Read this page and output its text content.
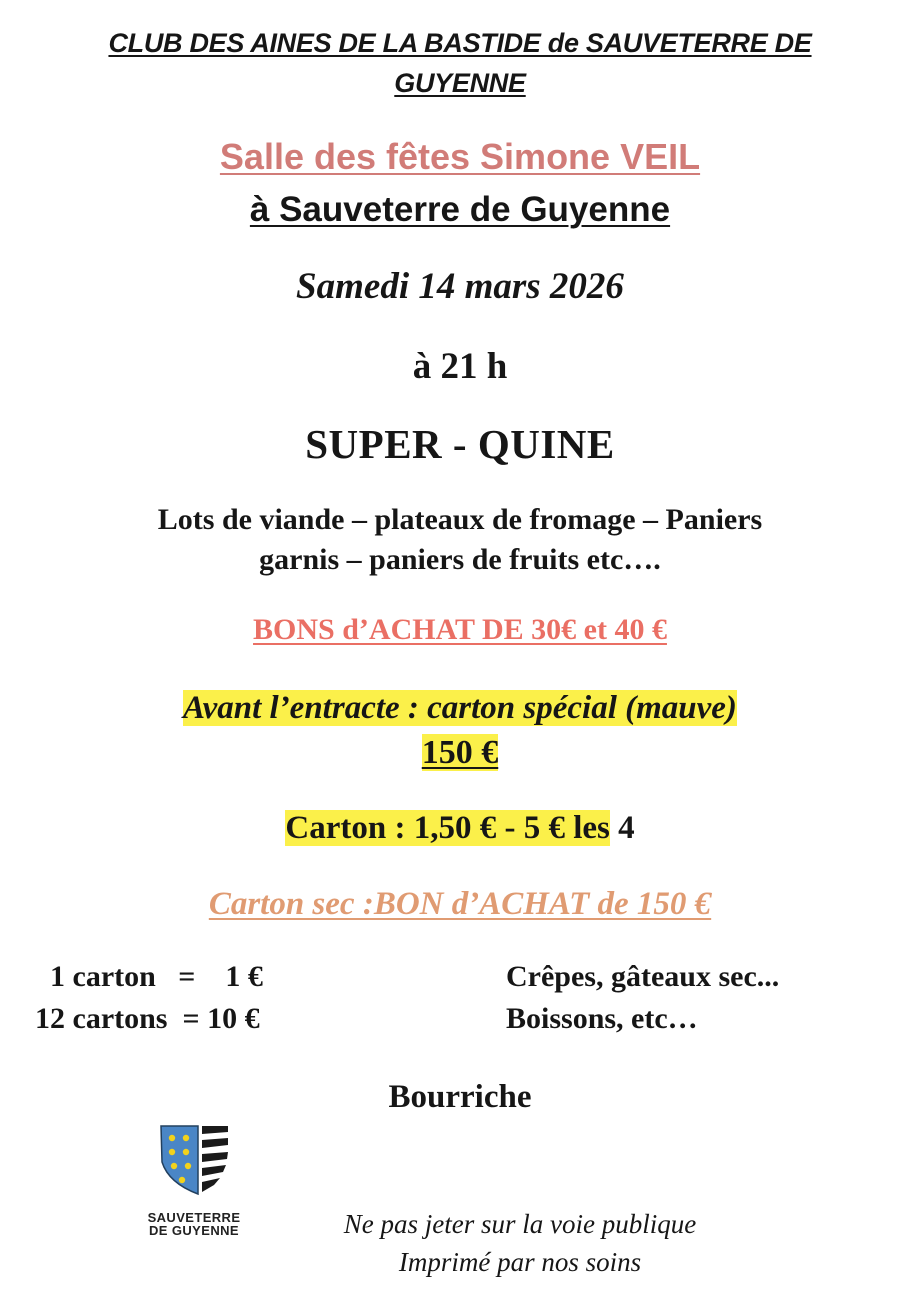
CLUB DES AINES DE LA BASTIDE de SAUVETERRE DE
GUYENNE
Salle des fêtes Simone VEIL
à Sauveterre de Guyenne
Samedi 14 mars 2026
à 21 h
SUPER - QUINE
Lots de viande – plateaux de fromage – Paniers
garnis – paniers de fruits etc….
BONS d’ACHAT DE 30€ et 40 €
Avant l’entracte : carton spécial (mauve)
150 €
Carton : 1,50 € - 5 € les 4
Carton sec :BON d’ACHAT de 150 €
1 carton   =    1 €
12 cartons  = 10 €
Crêpes, gâteaux sec...
Boissons, etc…
Bourriche
SAUVETERRE
DE GUYENNE	Ne pas jeter sur la voie publique
Imprimé par nos soins
